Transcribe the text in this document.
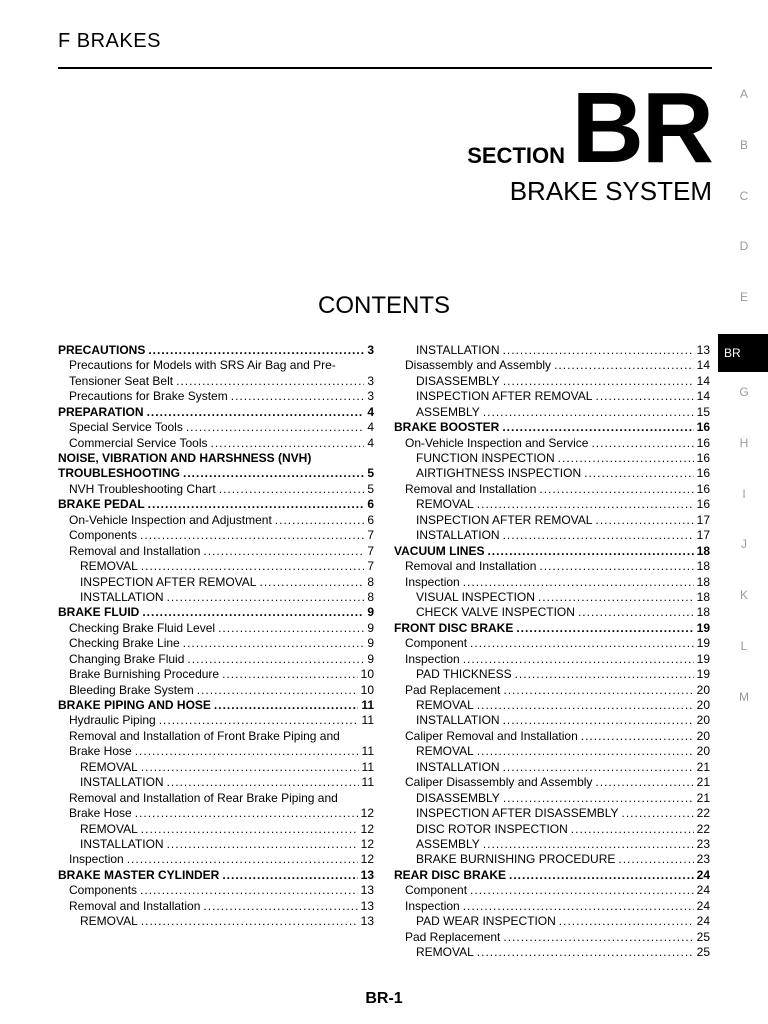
F BRAKES
SECTION BR
BRAKE SYSTEM
CONTENTS
PRECAUTIONS .....	3
Precautions for Models with SRS Air Bag and Pre-
Tensioner Seat Belt .....	3
Precautions for Brake System .....	3
PREPARATION .....	4
Special Service Tools .....	4
Commercial Service Tools .....	4
NOISE, VIBRATION AND HARSHNESS (NVH)
TROUBLESHOOTING .....	5
NVH Troubleshooting Chart .....	5
BRAKE PEDAL .....	6
On-Vehicle Inspection and Adjustment .....	6
Components .....	7
Removal and Installation .....	7
REMOVAL .....	7
INSPECTION AFTER REMOVAL .....	8
INSTALLATION .....	8
BRAKE FLUID .....	9
Checking Brake Fluid Level .....	9
Checking Brake Line .....	9
Changing Brake Fluid .....	9
Brake Burnishing Procedure .....	10
Bleeding Brake System .....	10
BRAKE PIPING AND HOSE .....	11
Hydraulic Piping .....	11
Removal and Installation of Front Brake Piping and
Brake Hose .....	11
REMOVAL .....	11
INSTALLATION .....	11
Removal and Installation of Rear Brake Piping and
Brake Hose .....	12
REMOVAL .....	12
INSTALLATION .....	12
Inspection .....	12
BRAKE MASTER CYLINDER .....	13
Components .....	13
Removal and Installation .....	13
REMOVAL .....	13
INSTALLATION .....	13
Disassembly and Assembly .....	14
DISASSEMBLY .....	14
INSPECTION AFTER REMOVAL .....	14
ASSEMBLY .....	15
BRAKE BOOSTER .....	16
On-Vehicle Inspection and Service .....	16
FUNCTION INSPECTION .....	16
AIRTIGHTNESS INSPECTION .....	16
Removal and Installation .....	16
REMOVAL .....	16
INSPECTION AFTER REMOVAL .....	17
INSTALLATION .....	17
VACUUM LINES .....	18
Removal and Installation .....	18
Inspection .....	18
VISUAL INSPECTION .....	18
CHECK VALVE INSPECTION .....	18
FRONT DISC BRAKE .....	19
Component .....	19
Inspection .....	19
PAD THICKNESS .....	19
Pad Replacement .....	20
REMOVAL .....	20
INSTALLATION .....	20
Caliper Removal and Installation .....	20
REMOVAL .....	20
INSTALLATION .....	21
Caliper Disassembly and Assembly .....	21
DISASSEMBLY .....	21
INSPECTION AFTER DISASSEMBLY .....	22
DISC ROTOR INSPECTION .....	22
ASSEMBLY .....	23
BRAKE BURNISHING PROCEDURE .....	23
REAR DISC BRAKE .....	24
Component .....	24
Inspection .....	24
PAD WEAR INSPECTION .....	24
Pad Replacement .....	25
REMOVAL .....	25
A
B
C
D
E
BR
G
H
I
J
K
L
M
BR-1
